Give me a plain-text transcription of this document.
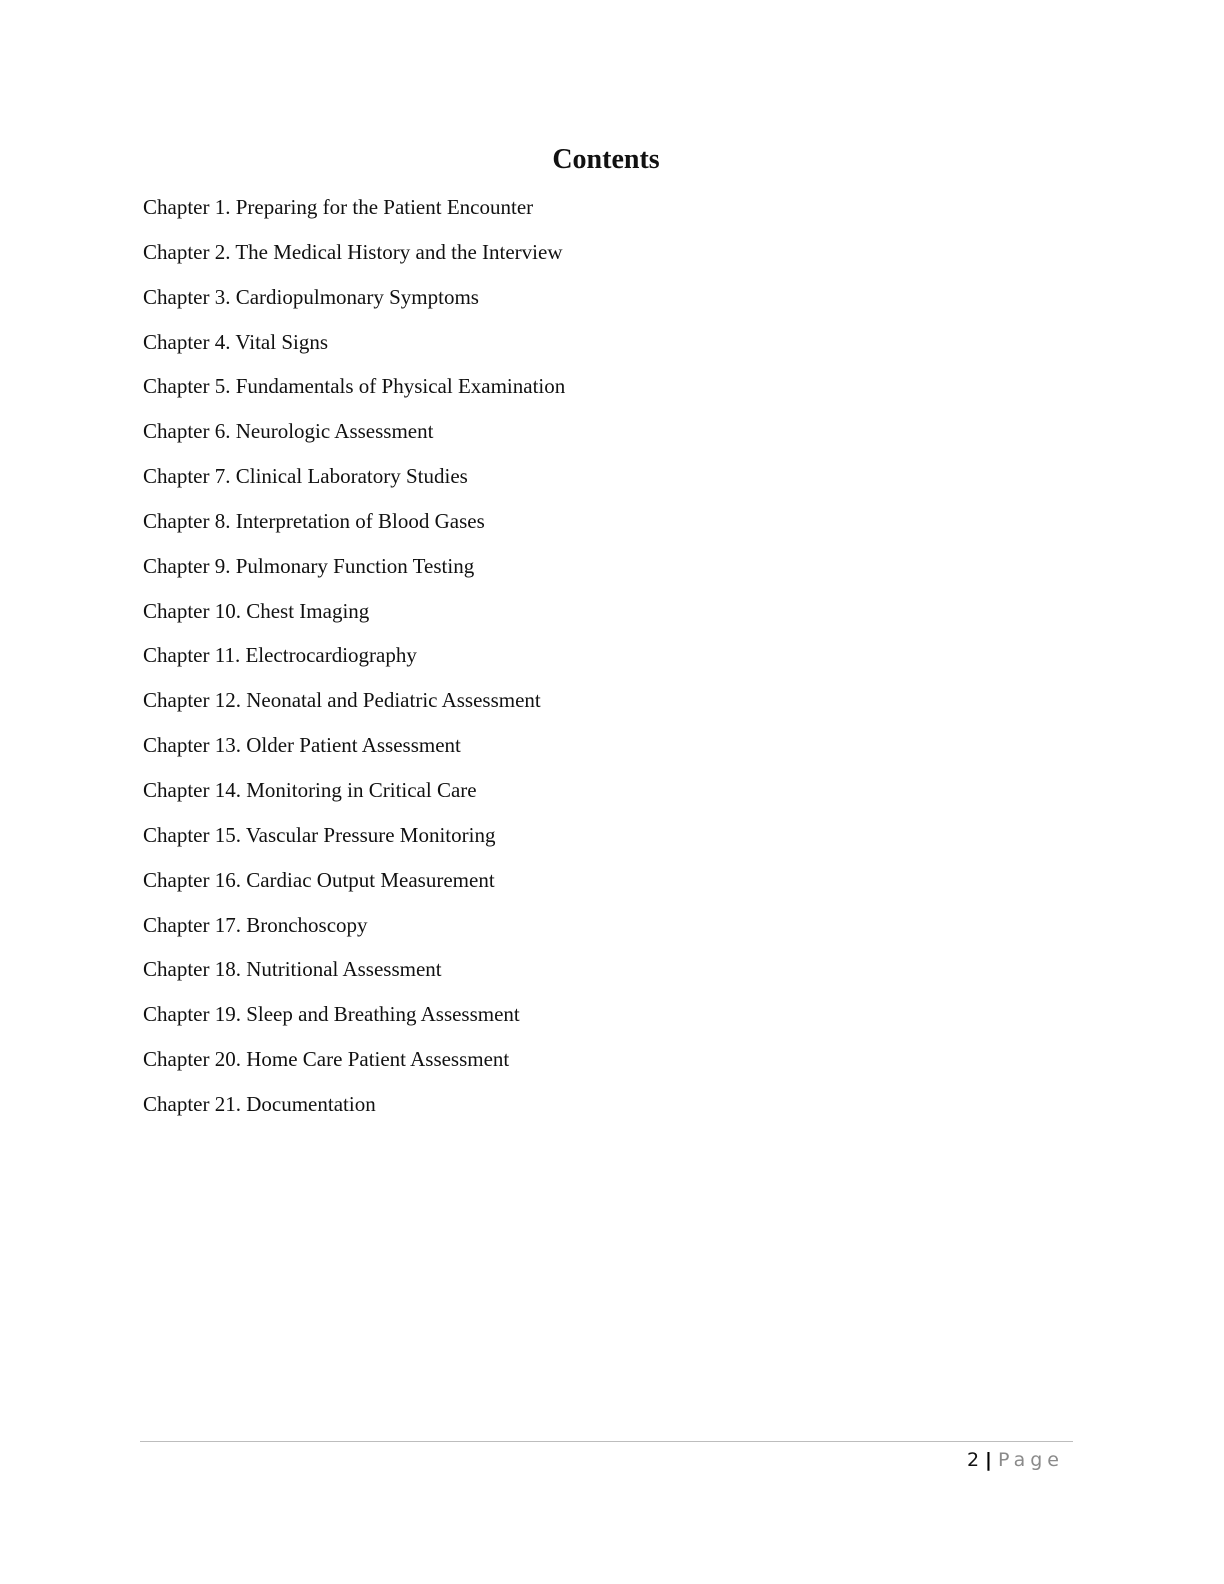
Contents
Chapter 1. Preparing for the Patient Encounter
Chapter 2. The Medical History and the Interview
Chapter 3. Cardiopulmonary Symptoms
Chapter 4. Vital Signs
Chapter 5. Fundamentals of Physical Examination
Chapter 6. Neurologic Assessment
Chapter 7. Clinical Laboratory Studies
Chapter 8. Interpretation of Blood Gases
Chapter 9. Pulmonary Function Testing
Chapter 10. Chest Imaging
Chapter 11. Electrocardiography
Chapter 12. Neonatal and Pediatric Assessment
Chapter 13. Older Patient Assessment
Chapter 14. Monitoring in Critical Care
Chapter 15. Vascular Pressure Monitoring
Chapter 16. Cardiac Output Measurement
Chapter 17. Bronchoscopy
Chapter 18. Nutritional Assessment
Chapter 19. Sleep and Breathing Assessment
Chapter 20. Home Care Patient Assessment
Chapter 21. Documentation
2 | Page
